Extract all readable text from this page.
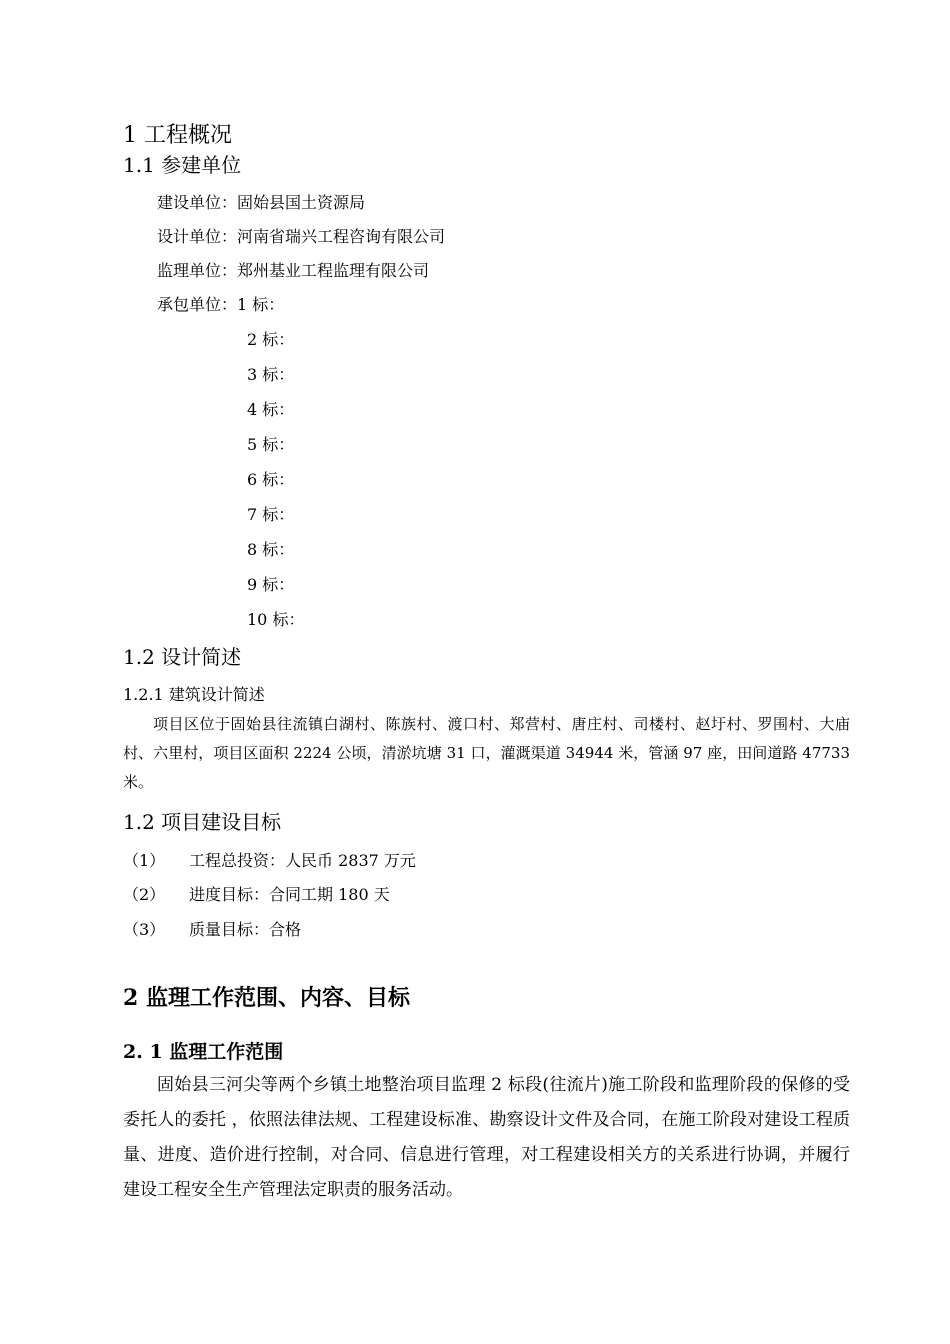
1 工程概况
1.1 参建单位
建设单位：固始县国土资源局
设计单位：河南省瑞兴工程咨询有限公司
监理单位：郑州基业工程监理有限公司
承包单位：1 标：
2 标：
3 标：
4 标：
5 标：
6 标：
7 标：
8 标：
9 标：
10 标：
1.2 设计简述
1.2.1 建筑设计简述
项目区位于固始县往流镇白湖村、陈族村、渡口村、郑营村、唐庄村、司楼村、赵圩村、罗围村、大庙村、六里村，项目区面积 2224 公顷，清淤坑塘 31 口，灌溉渠道 34944 米，管涵 97 座，田间道路 47733 米。
1.2 项目建设目标
（1） 工程总投资：人民币 2837 万元
（2） 进度目标：合同工期 180 天
（3） 质量目标：合格
2 监理工作范围、内容、目标
2. 1 监理工作范围
固始县三河尖等两个乡镇土地整治项目监理 2 标段(往流片)施工阶段和监理阶段的保修的受委托人的委托 ，依照法律法规、工程建设标准、勘察设计文件及合同，在施工阶段对建设工程质量、进度、造价进行控制，对合同、信息进行管理，对工程建设相关方的关系进行协调，并履行建设工程安全生产管理法定职责的服务活动。
